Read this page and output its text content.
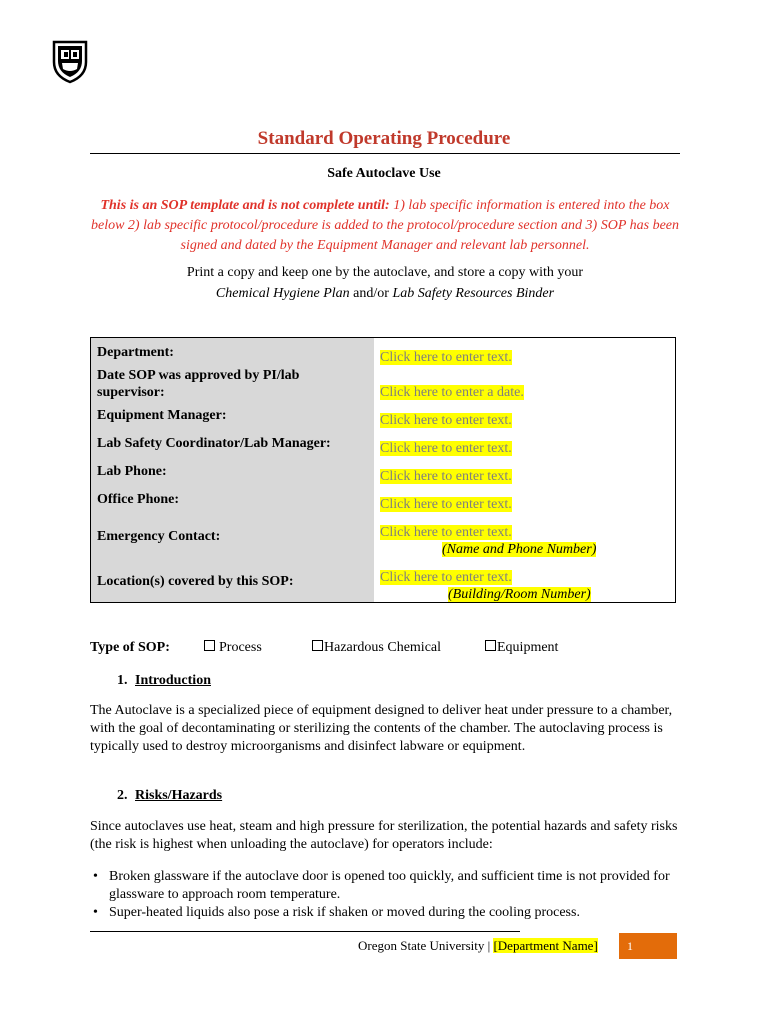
Standard Operating Procedure
Safe Autoclave Use
This is an SOP template and is not complete until: 1) lab specific information is entered into the box below 2) lab specific protocol/procedure is added to the protocol/procedure section and 3) SOP has been signed and dated by the Equipment Manager and relevant lab personnel.
Print a copy and keep one by the autoclave, and store a copy with your
Chemical Hygiene Plan and/or Lab Safety Resources Binder
Department:	Click here to enter text.
Date SOP was approved by PI/lab
supervisor:	Click here to enter a date.
Equipment Manager:	Click here to enter text.
Lab Safety Coordinator/Lab Manager:	Click here to enter text.
Lab Phone:	Click here to enter text.
Office Phone:	Click here to enter text.
Emergency Contact:	Click here to enter text.
(Name and Phone Number)
Location(s) covered by this SOP:	Click here to enter text.
(Building/Room Number)
Type of SOP:	Process	Hazardous Chemical	Equipment
1. Introduction
The Autoclave is a specialized piece of equipment designed to deliver heat under pressure to a chamber, with the goal of decontaminating or sterilizing the contents of the chamber. The autoclaving process is typically used to destroy microorganisms and disinfect labware or equipment.
2. Risks/Hazards
Since autoclaves use heat, steam and high pressure for sterilization, the potential hazards and safety risks (the risk is highest when unloading the autoclave) for operators include:
• Broken glassware if the autoclave door is opened too quickly, and sufficient time is not provided for glassware to approach room temperature.
• Super-heated liquids also pose a risk if shaken or moved during the cooling process.
Oregon State University | [Department Name]	1
